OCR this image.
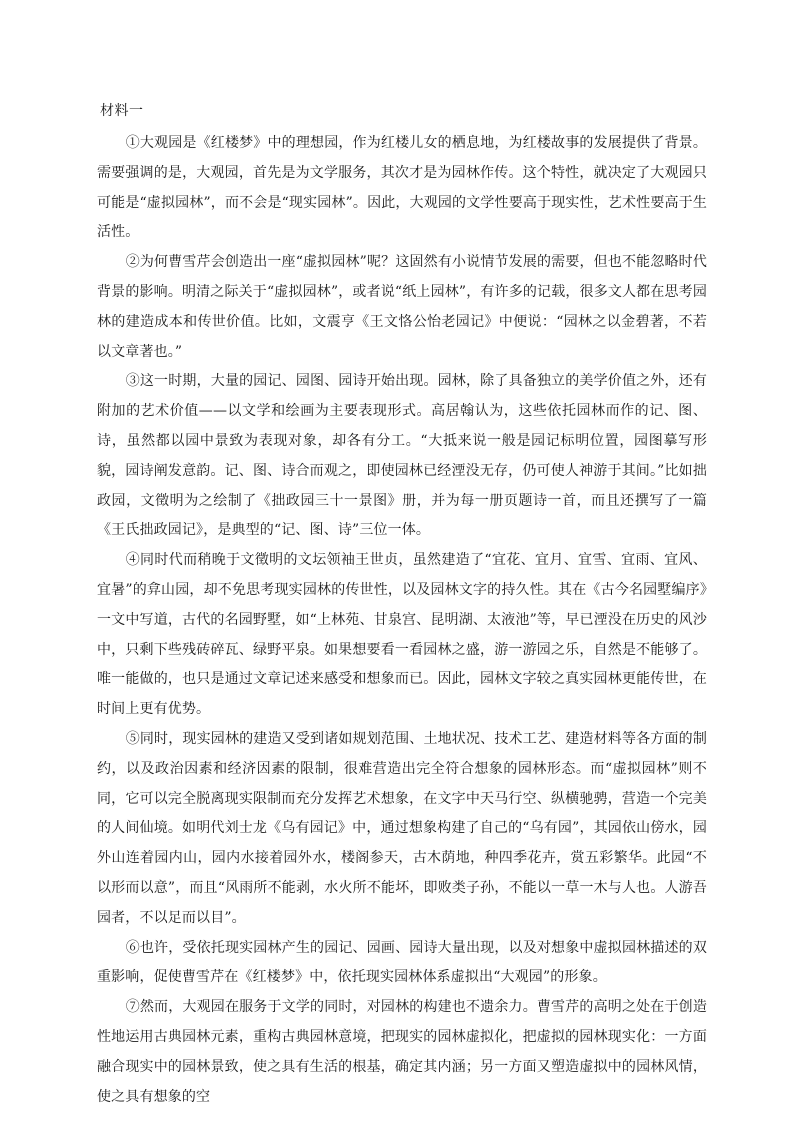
材料一

①大观园是《红楼梦》中的理想园，作为红楼儿女的栖息地，为红楼故事的发展提供了背景。需要强调的是，大观园，首先是为文学服务，其次才是为园林作传。这个特性，就决定了大观园只可能是“虚拟园林”，而不会是“现实园林”。因此，大观园的文学性要高于现实性，艺术性要高于生活性。

②为何曹雪芹会创造出一座“虚拟园林”呢？这固然有小说情节发展的需要，但也不能忽略时代背景的影响。明清之际关于“虚拟园林”，或者说“纸上园林”，有许多的记载，很多文人都在思考园林的建造成本和传世价值。比如，文震亨《王文恪公怡老园记》中便说：“园林之以金碧著，不若以文章著也。”

③这一时期，大量的园记、园图、园诗开始出现。园林，除了具备独立的美学价值之外，还有附加的艺术价值——以文学和绘画为主要表现形式。高居翰认为，这些依托园林而作的记、图、诗，虽然都以园中景致为表现对象，却各有分工。“大抵来说一般是园记标明位置，园图摹写形貌，园诗阐发意韵。记、图、诗合而观之，即使园林已经湮没无存，仍可使人神游于其间。”比如拙政园，文徵明为之绘制了《拙政园三十一景图》册，并为每一册页题诗一首，而且还撰写了一篇《王氏拙政园记》，是典型的“记、图、诗”三位一体。

④同时代而稍晚于文徵明的文坛领袖王世贞，虽然建造了“宜花、宜月、宜雪、宜雨、宜风、宜暑”的弇山园，却不免思考现实园林的传世性，以及园林文字的持久性。其在《古今名园墅编序》一文中写道，古代的名园野墅，如“上林苑、甘泉宫、昆明湖、太液池”等，早已湮没在历史的风沙中，只剩下些残砖碎瓦、绿野平泉。如果想要看一看园林之盛，游一游园之乐，自然是不能够了。唯一能做的，也只是通过文章记述来感受和想象而已。因此，园林文字较之真实园林更能传世，在时间上更有优势。

⑤同时，现实园林的建造又受到诸如规划范围、土地状况、技术工艺、建造材料等各方面的制约，以及政治因素和经济因素的限制，很难营造出完全符合想象的园林形态。而“虚拟园林”则不同，它可以完全脱离现实限制而充分发挥艺术想象，在文字中天马行空、纵横驰骋，营造一个完美的人间仙境。如明代刘士龙《乌有园记》中，通过想象构建了自己的“乌有园”，其园依山傍水，园外山连着园内山，园内水接着园外水，楼阁参天，古木荫地，种四季花卉，赏五彩繁华。此园“不以形而以意”，而且“风雨所不能剥，水火所不能坏，即败类子孙，不能以一草一木与人也。人游吾园者，不以足而以目”。

⑥也许，受依托现实园林产生的园记、园画、园诗大量出现，以及对想象中虚拟园林描述的双重影响，促使曹雪芹在《红楼梦》中，依托现实园林体系虚拟出“大观园”的形象。

⑦然而，大观园在服务于文学的同时，对园林的构建也不遗余力。曹雪芹的高明之处在于创造性地运用古典园林元素，重构古典园林意境，把现实的园林虚拟化，把虚拟的园林现实化：一方面融合现实中的园林景致，使之具有生活的根基，确定其内涵；另一方面又塑造虚拟中的园林风情，使之具有想象的空
